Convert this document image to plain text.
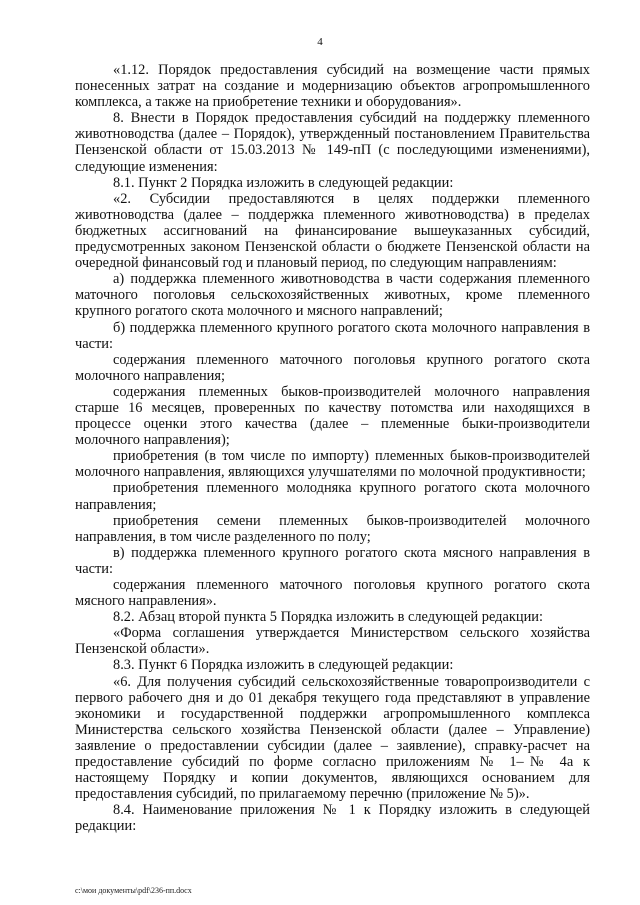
4

«1.12. Порядок предоставления субсидий на возмещение части прямых понесенных затрат на создание и модернизацию объектов агропромышленного комплекса, а также на приобретение техники и оборудования».

8. Внести в Порядок предоставления субсидий на поддержку племенного животноводства (далее – Порядок), утвержденный постановлением Правительства Пензенской области от 15.03.2013 № 149-пП (с последующими изменениями), следующие изменения:

8.1. Пункт 2 Порядка изложить в следующей редакции:

«2. Субсидии предоставляются в целях поддержки племенного животноводства (далее – поддержка племенного животноводства) в пределах бюджетных ассигнований на финансирование вышеуказанных субсидий, предусмотренных законом Пензенской области о бюджете Пензенской области на очередной финансовый год и плановый период, по следующим направлениям:

а) поддержка племенного животноводства в части содержания племенного маточного поголовья сельскохозяйственных животных, кроме племенного крупного рогатого скота молочного и мясного направлений;

б) поддержка племенного крупного рогатого скота молочного направления в части:

содержания племенного маточного поголовья крупного рогатого скота молочного направления;

содержания племенных быков-производителей молочного направления старше 16 месяцев, проверенных по качеству потомства или находящихся в процессе оценки этого качества (далее – племенные быки-производители молочного направления);

приобретения (в том числе по импорту) племенных быков-производителей молочного направления, являющихся улучшателями по молочной продуктивности;

приобретения племенного молодняка крупного рогатого скота молочного направления;

приобретения семени племенных быков-производителей молочного направления, в том числе разделенного по полу;

в) поддержка племенного крупного рогатого скота мясного направления в части:

содержания племенного маточного поголовья крупного рогатого скота мясного направления».

8.2. Абзац второй пункта 5 Порядка изложить в следующей редакции:

«Форма соглашения утверждается Министерством сельского хозяйства Пензенской области».

8.3. Пункт 6 Порядка изложить в следующей редакции:

«6. Для получения субсидий сельскохозяйственные товаропроизводители с первого рабочего дня и до 01 декабря текущего года представляют в управление экономики и государственной поддержки агропромышленного комплекса Министерства сельского хозяйства Пензенской области (далее – Управление) заявление о предоставлении субсидии (далее – заявление), справку-расчет на предоставление субсидий по форме согласно приложениям № 1–№ 4а к настоящему Порядку и копии документов, являющихся основанием для предоставления субсидий, по прилагаемому перечню (приложение № 5)».

8.4. Наименование приложения № 1 к Порядку изложить в следующей редакции:

c:\мои документы\pdf\236-пп.docx
